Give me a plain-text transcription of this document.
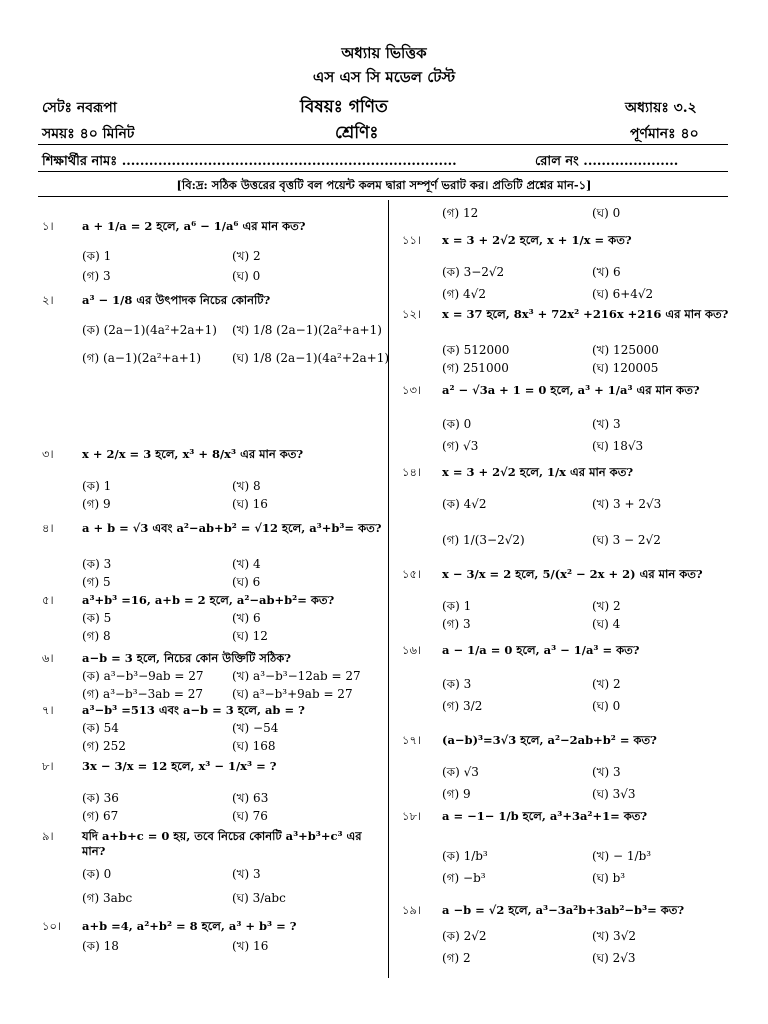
অধ্যায় ভিত্তিক
এস এস সি মডেল টেস্ট
সেটঃ নবরূপা	বিষয়ঃ গণিত	অধ্যায়ঃ ৩.২
সময়ঃ ৪০ মিনিট	শ্রেণিঃ	পূর্ণমানঃ ৪০
শিক্ষার্থীর নামঃ ..........................................................................	রোল নং .....................
[বি:দ্র: সঠিক উত্তরের বৃত্তটি বল পয়েন্ট কলম দ্বারা সম্পূর্ণ ভরাট কর। প্রতিটি প্রশ্নের মান-১]
১। a + 1/a = 2 হলে, a⁶ − 1/a⁶ এর মান কত?
(ক) 1	(খ) 2
(গ) 3	(ঘ) 0
২। a³ − 1/8 এর উৎপাদক নিচের কোনটি?
(ক) (2a−1)(4a²+2a+1) (খ) 1/8 (2a−1)(2a²+a+1)
(গ) (a−1)(2a²+a+1)	(ঘ) 1/8 (2a−1)(4a²+2a+1)
৩। x + 2/x = 3 হলে, x³ + 8/x³ এর মান কত?
(ক) 1	(খ) 8
(গ) 9	(ঘ) 16
৪। a + b = √3 এবং a²−ab+b² = √12 হলে, a³+b³= কত?
(ক) 3	(খ) 4
(গ) 5	(ঘ) 6
৫। a³+b³ =16, a+b = 2 হলে, a²−ab+b²= কত?
(ক) 5	(খ) 6
(গ) 8	(ঘ) 12
৬। a−b = 3 হলে, নিচের কোন উক্তিটি সঠিক?
(ক) a³−b³−9ab = 27 (খ) a³−b³−12ab = 27
(গ) a³−b³−3ab = 27 (ঘ) a³−b³+9ab = 27
৭। a³−b³ =513 এবং a−b = 3 হলে, ab = ?
(ক) 54	(খ) −54
(গ) 252	(ঘ) 168
৮। 3x − 3/x = 12 হলে, x³ − 1/x³ = ?
(ক) 36	(খ) 63
(গ) 67	(ঘ) 76
৯। যদি a+b+c = 0 হয়, তবে নিচের কোনটি a³+b³+c³ এর মান?
(ক) 0	(খ) 3
(গ) 3abc	(ঘ) 3/abc
১০। a+b =4, a²+b² = 8 হলে, a³ + b³ = ?
(ক) 18	(খ) 16
(গ) 12	(ঘ) 0
১১। x = 3 + 2√2 হলে, x + 1/x = কত?
(ক) 3−2√2	(খ) 6
(গ) 4√2	(ঘ) 6+4√2
১২। x = 37 হলে, 8x³ + 72x² +216x +216 এর মান কত?
(ক) 512000	(খ) 125000
(গ) 251000	(ঘ) 120005
১৩। a² − √3a + 1 = 0 হলে, a³ + 1/a³ এর মান কত?
(ক) 0	(খ) 3
(গ) √3	(ঘ) 18√3
১৪। x = 3 + 2√2 হলে, 1/x এর মান কত?
(ক) 4√2	(খ) 3 + 2√3
(গ) 1/(3−2√2)	(ঘ) 3 − 2√2
১৫। x − 3/x = 2 হলে, 5/(x² − 2x + 2) এর মান কত?
(ক) 1	(খ) 2
(গ) 3	(ঘ) 4
১৬। a − 1/a = 0 হলে, a³ − 1/a³ = কত?
(ক) 3	(খ) 2
(গ) 3/2	(ঘ) 0
১৭। (a−b)³=3√3 হলে, a²−2ab+b² = কত?
(ক) √3	(খ) 3
(গ) 9	(ঘ) 3√3
১৮। a = −1− 1/b হলে, a³+3a²+1= কত?
(ক) 1/b³	(খ) − 1/b³
(গ) −b³	(ঘ) b³
১৯। a −b = √2 হলে, a³−3a²b+3ab²−b³= কত?
(ক) 2√2	(খ) 3√2
(গ) 2	(ঘ) 2√3
